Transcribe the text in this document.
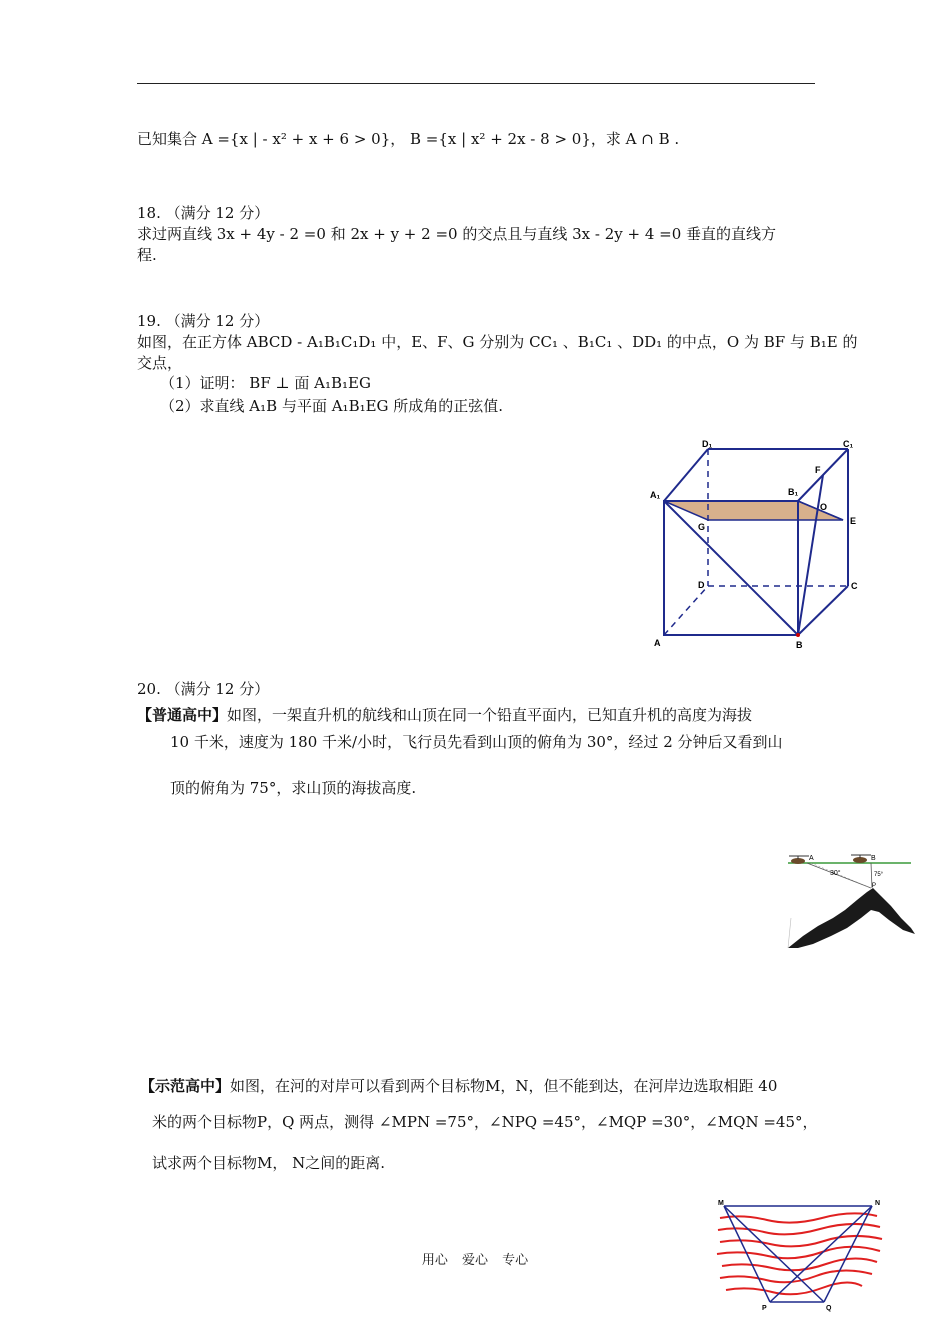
已知集合 A ={x | - x² + x + 6 > 0}， B ={x | x² + 2x - 8 > 0}，求 A ∩ B .
18. （满分 12 分）
求过两直线 3x + 4y - 2 =0 和 2x + y + 2 =0 的交点且与直线 3x - 2y + 4 =0 垂直的直线方
程.
19. （满分 12 分）
如图，在正方体 ABCD - A₁B₁C₁D₁ 中，E、F、G 分别为 CC₁ 、B₁C₁ 、DD₁ 的中点，O 为 BF 与 B₁E 的
交点，
（1）证明： BF ⊥ 面 A₁B₁EG
（2）求直线 A₁B 与平面 A₁B₁EG 所成角的正弦值.
D₁	C₁
A₁	B₁
F
O
G
E
D	C
A	B
20. （满分 12 分）
【普通高中】如图，一架直升机的航线和山顶在同一个铅直平面内，已知直升机的高度为海拔
10 千米，速度为 180 千米/小时，飞行员先看到山顶的俯角为 30°，经过 2 分钟后又看到山
顶的俯角为 75°，求山顶的海拔高度.
A	B
30°	75°
P
【示范高中】如图，在河的对岸可以看到两个目标物M，N，但不能到达，在河岸边选取相距 40
米的两个目标物P，Q 两点，测得 ∠MPN =75°，∠NPQ =45°，∠MQP =30°，∠MQN =45°，
试求两个目标物M， N之间的距离.
M	N
P	Q
用心 爱心 专心
